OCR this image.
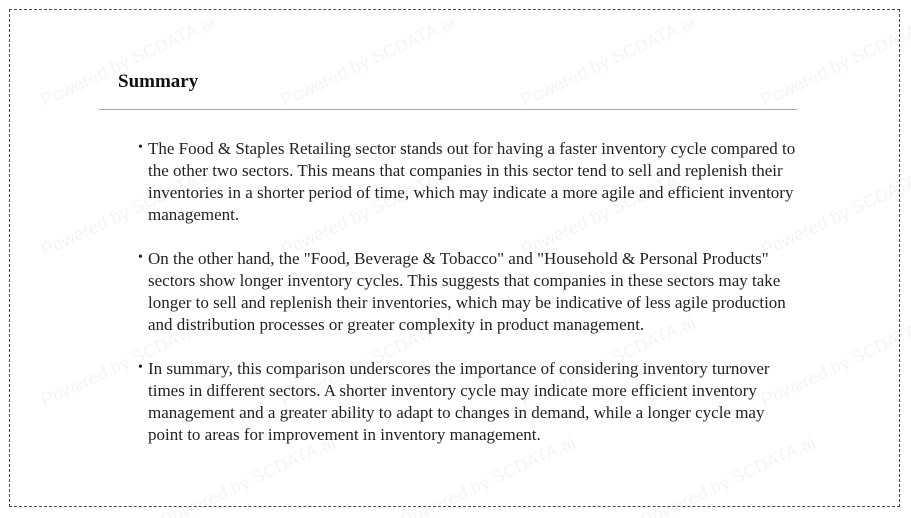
Summary
• The Food & Staples Retailing sector stands out for having a faster inventory cycle compared to the other two sectors. This means that companies in this sector tend to sell and replenish their inventories in a shorter period of time, which may indicate a more agile and efficient inventory management.
• On the other hand, the "Food, Beverage & Tobacco" and "Household & Personal Products" sectors show longer inventory cycles. This suggests that companies in these sectors may take longer to sell and replenish their inventories, which may be indicative of less agile production and distribution processes or greater complexity in product management.
• In summary, this comparison underscores the importance of considering inventory turnover times in different sectors. A shorter inventory cycle may indicate more efficient inventory management and a greater ability to adapt to changes in demand, while a longer cycle may point to areas for improvement in inventory management.
